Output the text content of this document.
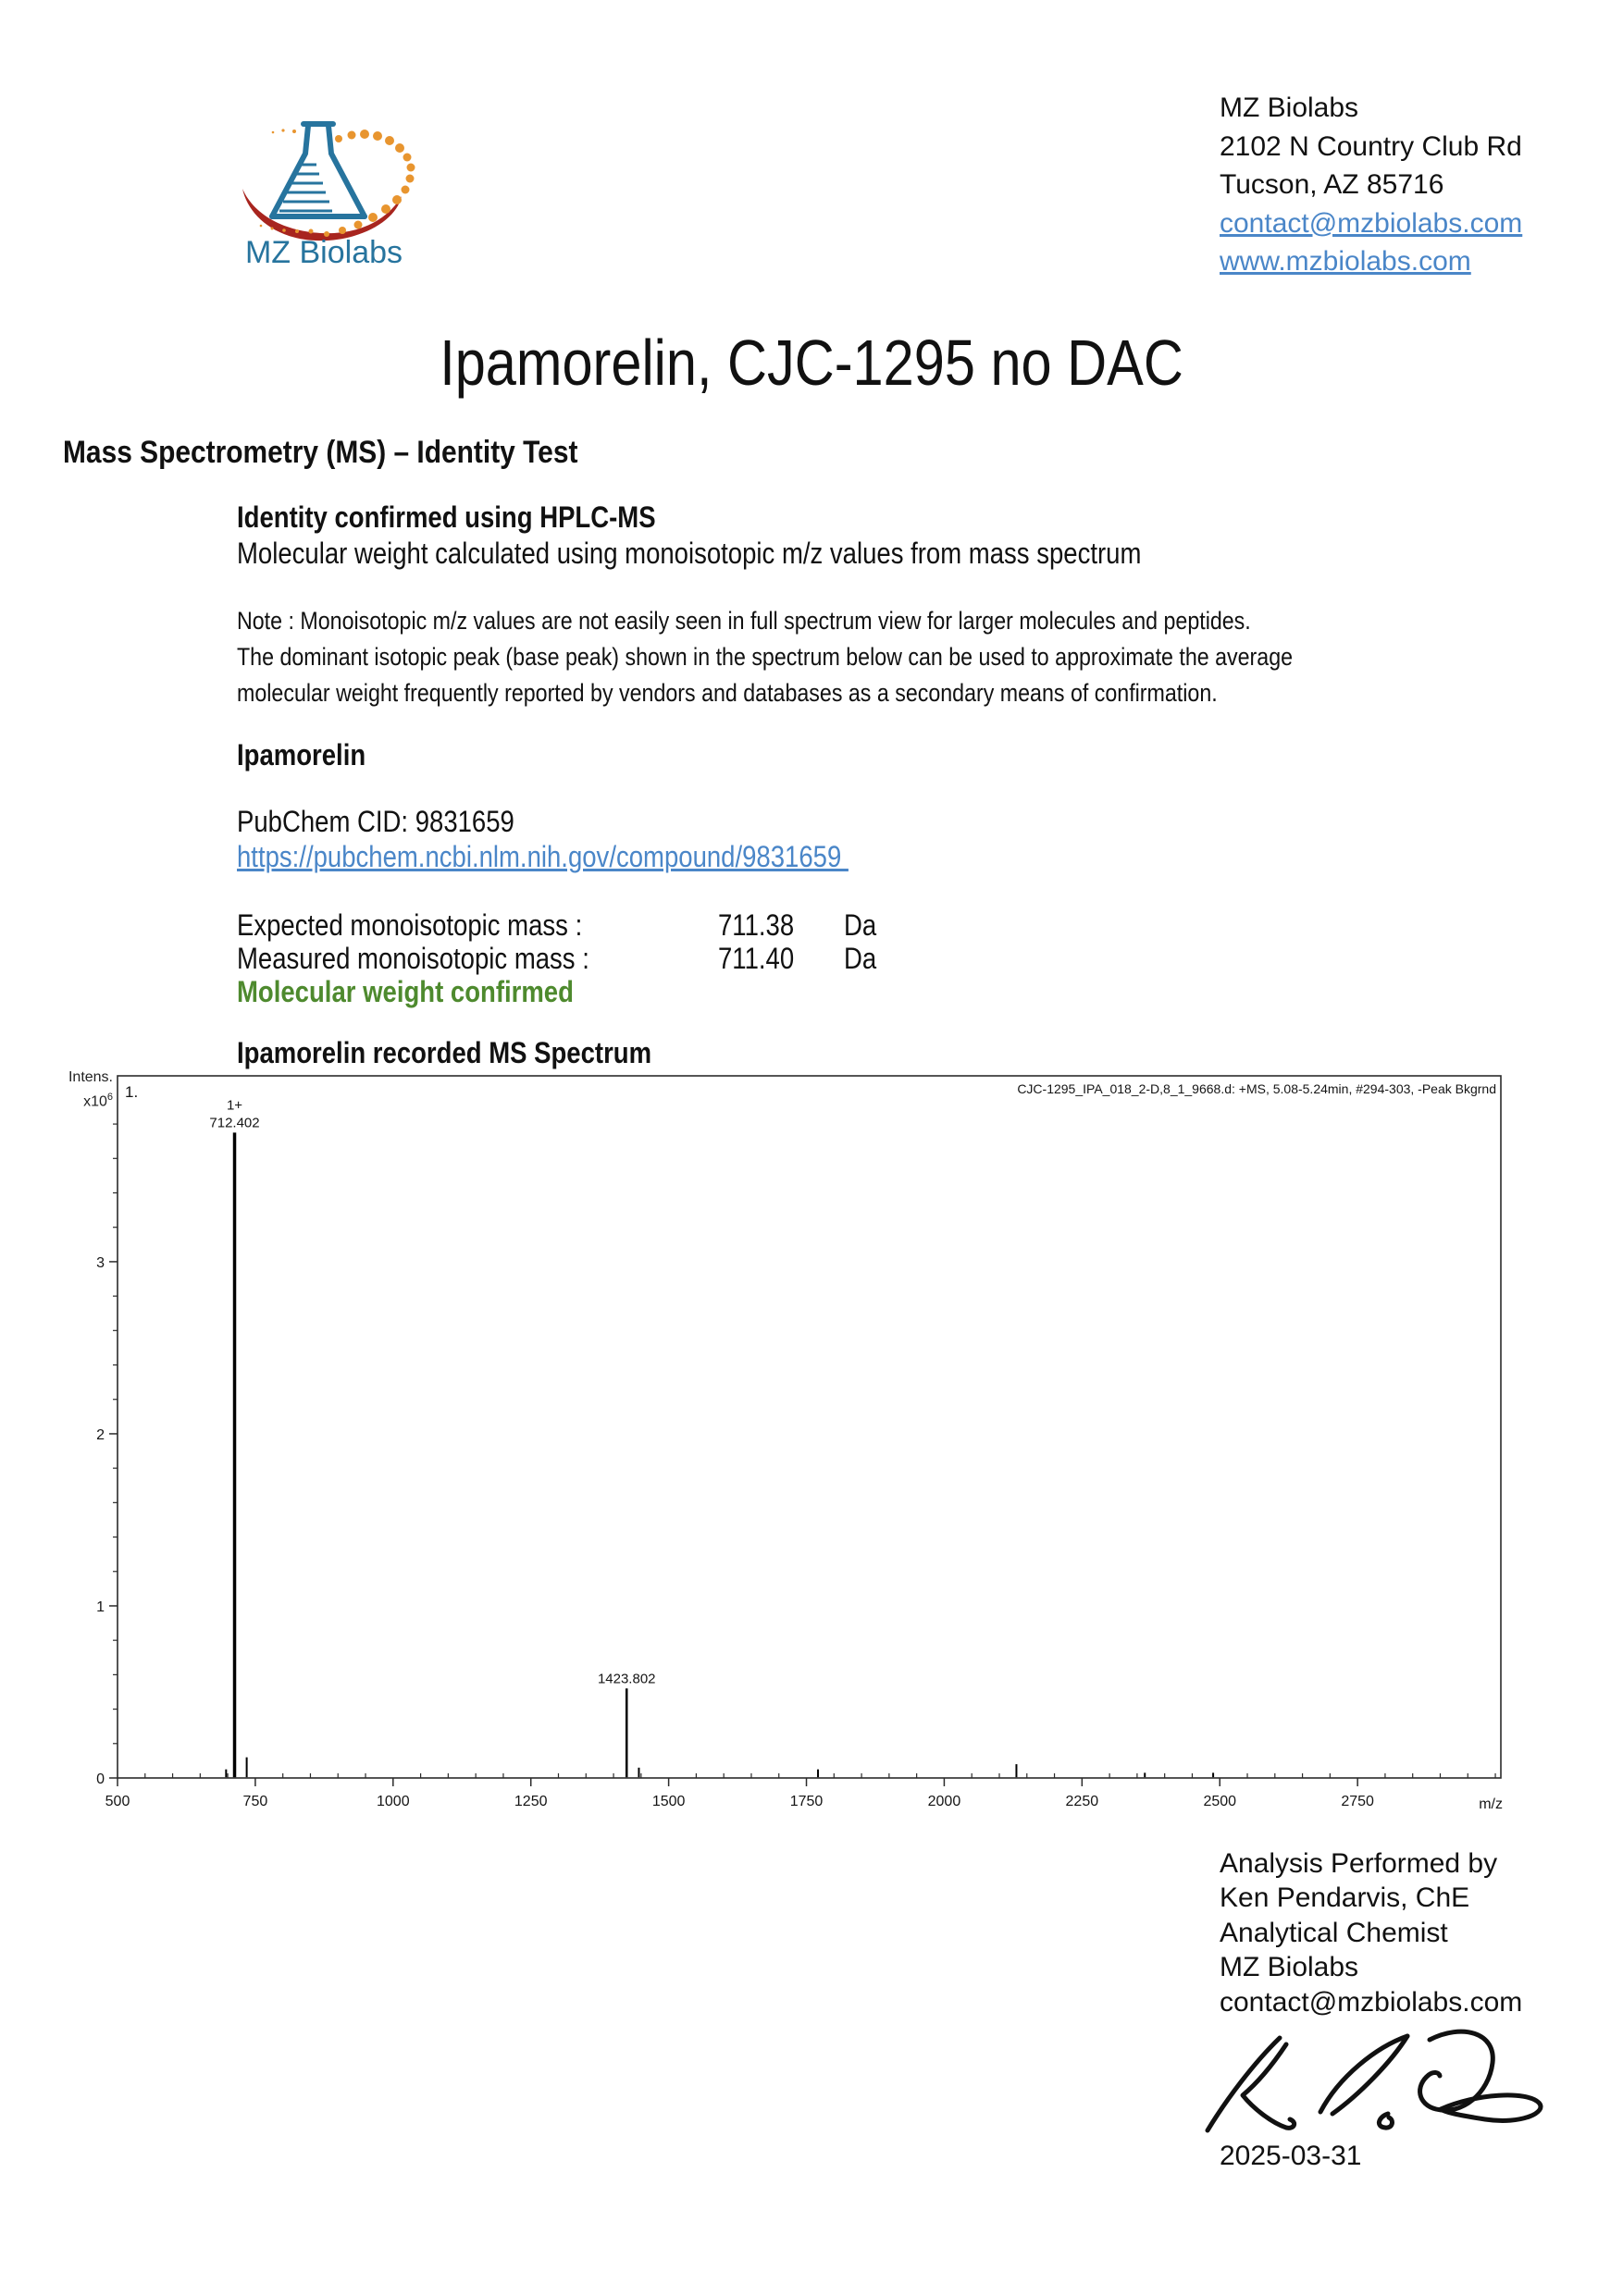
MZ Biolabs
MZ Biolabs
2102 N Country Club Rd
Tucson, AZ 85716
contact@mzbiolabs.com
www.mzbiolabs.com
Ipamorelin, CJC-1295 no DAC
Mass Spectrometry (MS) – Identity Test
Identity confirmed using HPLC-MS
Molecular weight calculated using monoisotopic m/z values from mass spectrum
Note : Monoisotopic m/z values are not easily seen in full spectrum view for larger molecules and peptides.
The dominant isotopic peak (base peak) shown in the spectrum below can be used to approximate the average
molecular weight frequently reported by vendors and databases as a secondary means of confirmation.
Ipamorelin
PubChem CID: 9831659
https://pubchem.ncbi.nlm.nih.gov/compound/9831659
Expected monoisotopic mass :	711.38 Da
Measured monoisotopic mass :	711.40 Da
Molecular weight confirmed
Ipamorelin recorded MS Spectrum
Intens.
$x10^6$ 1.	CJC-1295_IPA_018_2-D,8_1_9668.d: +MS, 5.08-5.24min, #294-303, -Peak Bkgrnd
m/z
500	750	1000	1250	1500	1750	2000	2250	2500	2750
0
1
2
3
712.402
1+
1423.802
Analysis Performed by
Ken Pendarvis, ChE
Analytical Chemist
MZ Biolabs
contact@mzbiolabs.com
2025-03-31
